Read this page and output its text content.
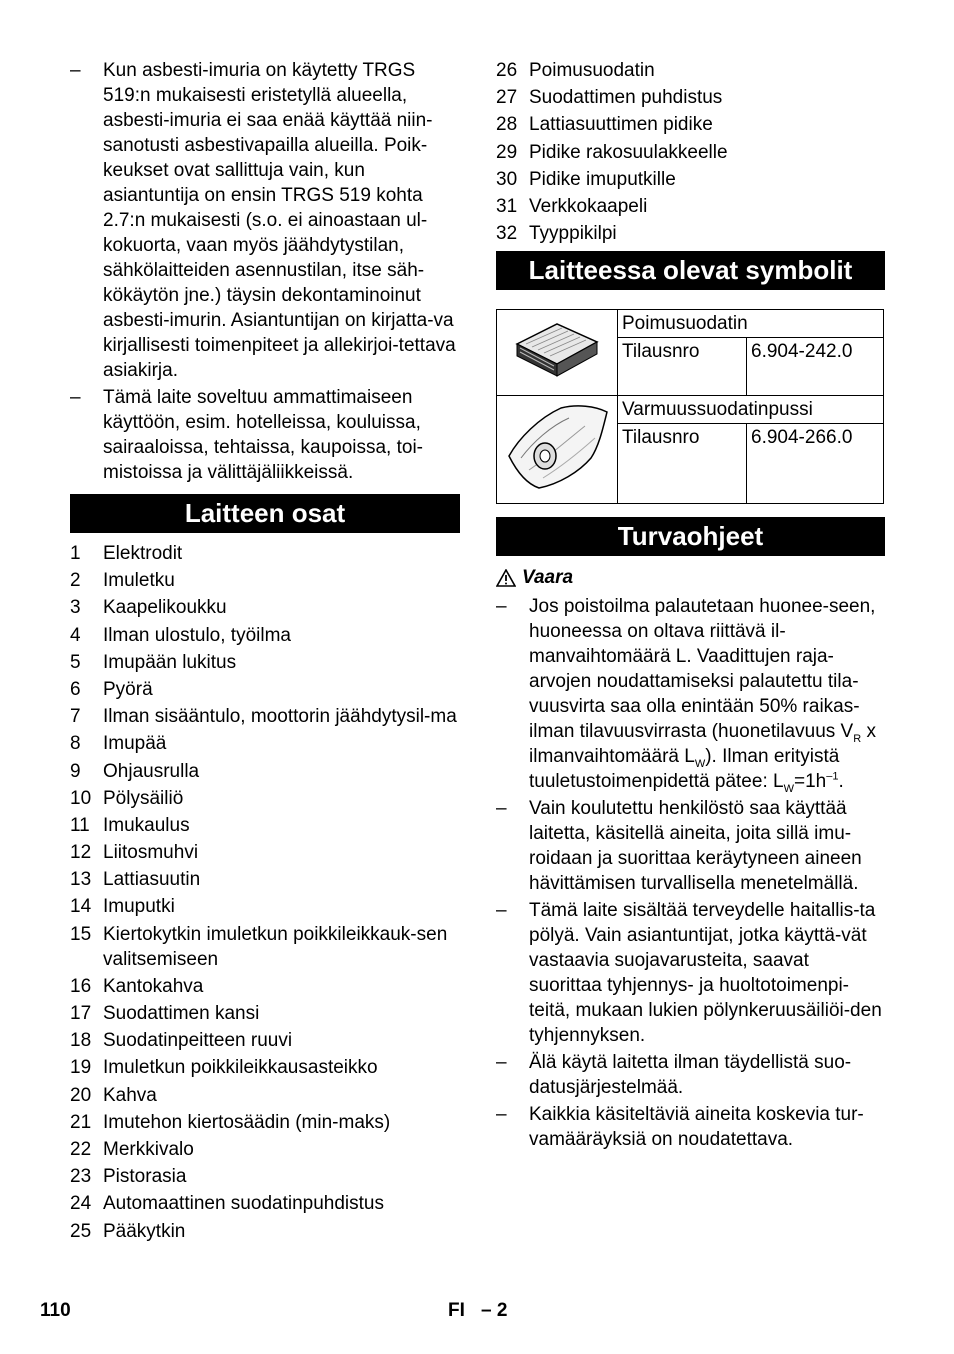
– Kun asbesti-imuria on käytetty TRGS 519:n mukaisesti eristetyllä alueella, asbesti-imuria ei saa enää käyttää niin-sanotusti asbestivapailla alueilla. Poik-keukset ovat sallittuja vain, kun asiantuntija on ensin TRGS 519 kohta 2.7:n mukaisesti (s.o. ei ainoastaan ul-kokuorta, vaan myös jäähdytystilan, sähkölaitteiden asennustilan, itse säh-kökäytön jne.) täysin dekontaminoinut asbesti-imurin. Asiantuntijan on kirjatta-va kirjallisesti toimenpiteet ja allekirjoi-tettava asiakirja.
– Tämä laite soveltuu ammattimaiseen käyttöön, esim. hotelleissa, kouluissa, sairaaloissa, tehtaissa, kaupoissa, toi-mistoissa ja välittäjäliikkeissä.
Laitteen osat
1 Elektrodit
2 Imuletku
3 Kaapelikoukku
4 Ilman ulostulo, työilma
5 Imupään lukitus
6 Pyörä
7 Ilman sisääntulo, moottorin jäähdytysil-ma
8 Imupää
9 Ohjausrulla
10 Pölysäiliö
11 Imukaulus
12 Liitosmuhvi
13 Lattiasuutin
14 Imuputki
15 Kiertokytkin imuletkun poikkileikkauk-sen valitsemiseen
16 Kantokahva
17 Suodattimen kansi
18 Suodatinpeitteen ruuvi
19 Imuletkun poikkileikkausasteikko
20 Kahva
21 Imutehon kiertosäädin (min-maks)
22 Merkkivalo
23 Pistorasia
24 Automaattinen suodatinpuhdistus
25 Pääkytkin
26 Poimusuodatin
27 Suodattimen puhdistus
28 Lattiasuuttimen pidike
29 Pidike rakosuulakkeelle
30 Pidike imuputkille
31 Verkkokaapeli
32 Tyyppikilpi
Laitteessa olevat symbolit
	Poimusuodatin	
	Tilausnro	6.904-242.0
	Varmuussuodatinpussi	
	Tilausnro	6.904-266.0
Turvaohjeet
Vaara
– Jos poistoilma palautetaan huonee-seen, huoneessa on oltava riittävä il-manvaihtomäärä L. Vaadittujen raja-arvojen noudattamiseksi palautettu tila-vuusvirta saa olla enintään 50% raikas-ilman tilavuusvirrasta (huonetilavuus $V_R$ x ilmanvaihtomäärä $L_W$). Ilman erityistä tuuletustoimenpidettä pätee: $L_W=1h^{-1}$.
– Vain koulutettu henkilöstö saa käyttää laitetta, käsitellä aineita, joita sillä imu-roidaan ja suorittaa keräytyneen aineen hävittämisen turvallisella menetelmällä.
– Tämä laite sisältää terveydelle haitallis-ta pölyä. Vain asiantuntijat, jotka käyttä-vät vastaavia suojavarusteita, saavat suorittaa tyhjennys- ja huoltotoimenpi-teitä, mukaan lukien pölynkeruusäiliöi-den tyhjennyksen.
– Älä käytä laitetta ilman täydellistä suo-datusjärjestelmää.
– Kaikkia käsiteltäviä aineita koskevia tur-vamääräyksiä on noudatettava.
110	FI – 2
